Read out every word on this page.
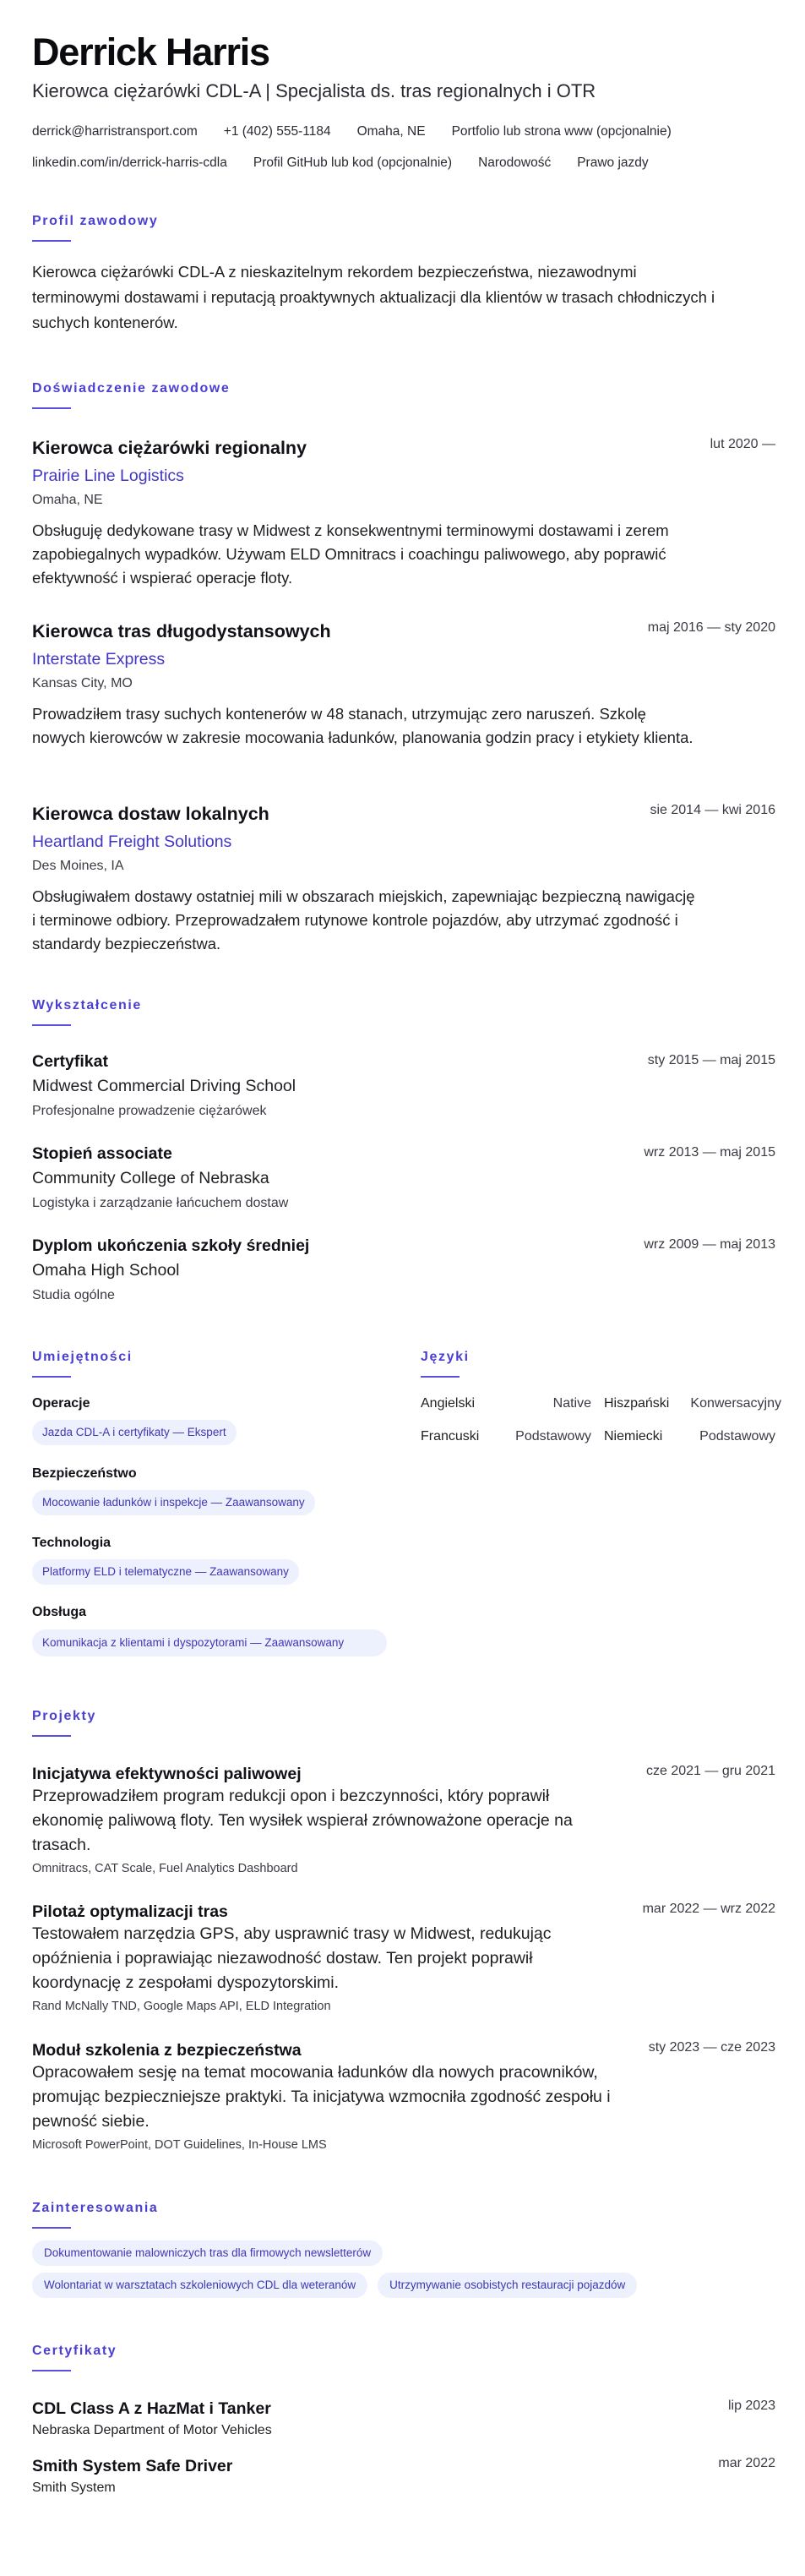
Derrick Harris
Kierowca ciężarówki CDL-A | Specjalista ds. tras regionalnych i OTR
derrick@harristransport.com +1 (402) 555-1184 Omaha, NE Portfolio lub strona www (opcjonalnie)
linkedin.com/in/derrick-harris-cdla Profil GitHub lub kod (opcjonalnie) Narodowość Prawo jazdy
Profil zawodowy

Kierowca ciężarówki CDL-A z nieskazitelnym rekordem bezpieczeństwa, niezawodnymi terminowymi dostawami i reputacją proaktywnych aktualizacji dla klientów w trasach chłodniczych i suchych kontenerów.

Doświadczenie zawodowe
Kierowca ciężarówki regionalny	lut 2020 —
Prairie Line Logistics
Omaha, NE

Obsługuję dedykowane trasy w Midwest z konsekwentnymi terminowymi dostawami i zerem zapobiegalnych wypadków. Używam ELD Omnitracs i coachingu paliwowego, aby poprawić efektywność i wspierać operacje floty.

Kierowca tras długodystansowych	maj 2016 — sty 2020
Interstate Express
Kansas City, MO

Prowadziłem trasy suchych kontenerów w 48 stanach, utrzymując zero naruszeń. Szkolę nowych kierowców w zakresie mocowania ładunków, planowania godzin pracy i etykiety klienta.

Kierowca dostaw lokalnych	sie 2014 — kwi 2016
Heartland Freight Solutions
Des Moines, IA

Obsługiwałem dostawy ostatniej mili w obszarach miejskich, zapewniając bezpieczną nawigację i terminowe odbiory. Przeprowadzałem rutynowe kontrole pojazdów, aby utrzymać zgodność i standardy bezpieczeństwa.

Wykształcenie
Certyfikat	sty 2015 — maj 2015
Midwest Commercial Driving School
Profesjonalne prowadzenie ciężarówek
Stopień associate	wrz 2013 — maj 2015
Community College of Nebraska
Logistyka i zarządzanie łańcuchem dostaw
Dyplom ukończenia szkoły średniej	wrz 2009 — maj 2013
Omaha High School
Studia ogólne
Umiejętności
Operacje
Jazda CDL-A i certyfikaty — Ekspert
Bezpieczeństwo
Mocowanie ładunków i inspekcje — Zaawansowany
Technologia
Platformy ELD i telematyczne — Zaawansowany
Obsługa
Komunikacja z klientami i dyspozytorami — Zaawansowany
Języki
Angielski	Native Hiszpański Konwersacyjny
Francuski	Podstawowy Niemiecki	Podstawowy
Projekty
Inicjatywa efektywności paliwowej	cze 2021 — gru 2021

Przeprowadziłem program redukcji opon i bezczynności, który poprawił ekonomię paliwową floty. Ten wysiłek wspierał zrównoważone operacje na trasach.

Omnitracs, CAT Scale, Fuel Analytics Dashboard
Pilotaż optymalizacji tras	mar 2022 — wrz 2022

Testowałem narzędzia GPS, aby usprawnić trasy w Midwest, redukując opóźnienia i poprawiając niezawodność dostaw. Ten projekt poprawił koordynację z zespołami dyspozytorskimi.

Rand McNally TND, Google Maps API, ELD Integration
Moduł szkolenia z bezpieczeństwa	sty 2023 — cze 2023

Opracowałem sesję na temat mocowania ładunków dla nowych pracowników, promując bezpieczniejsze praktyki. Ta inicjatywa wzmocniła zgodność zespołu i pewność siebie.

Microsoft PowerPoint, DOT Guidelines, In-House LMS
Zainteresowania
Dokumentowanie malowniczych tras dla firmowych newsletterów
Wolontariat w warsztatach szkoleniowych CDL dla weteranów	Utrzymywanie osobistych restauracji pojazdów
Certyfikaty
CDL Class A z HazMat i Tanker	lip 2023
Nebraska Department of Motor Vehicles
Smith System Safe Driver	mar 2022
Smith System
